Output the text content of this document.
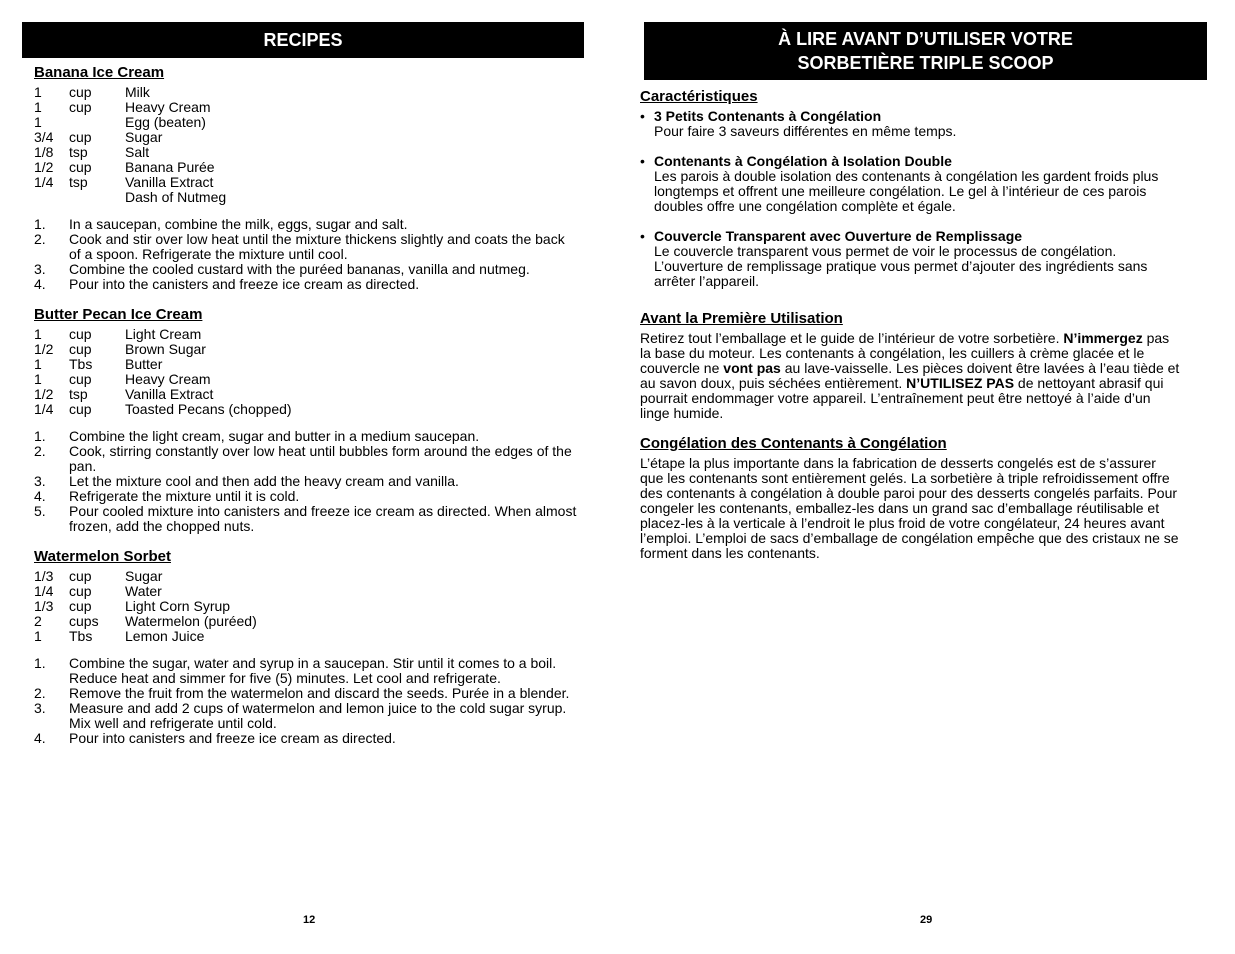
RECIPES
Banana Ice Cream
1	cup	Milk
1	cup	Heavy Cream
1	Egg (beaten)
3/4	cup	Sugar
1/8	tsp	Salt
1/2	cup	Banana Purée
1/4	tsp	Vanilla Extract
Dash of Nutmeg
1.	In a saucepan, combine the milk, eggs, sugar and salt.
2.	Cook and stir over low heat until the mixture thickens slightly and coats the back of a spoon. Refrigerate the mixture until cool.
3.	Combine the cooled custard with the puréed bananas, vanilla and nutmeg.
4.	Pour into the canisters and freeze ice cream as directed.
Butter Pecan Ice Cream
1	cup	Light Cream
1/2	cup	Brown Sugar
1	Tbs	Butter
1	cup	Heavy Cream
1/2	tsp	Vanilla Extract
1/4	cup	Toasted Pecans (chopped)
1.	Combine the light cream, sugar and butter in a medium saucepan.
2.	Cook, stirring constantly over low heat until bubbles form around the edges of the pan.
3.	Let the mixture cool and then add the heavy cream and vanilla.
4.	Refrigerate the mixture until it is cold.
5.	Pour cooled mixture into canisters and freeze ice cream as directed. When almost frozen, add the chopped nuts.
Watermelon Sorbet
1/3	cup	Sugar
1/4	cup	Water
1/3	cup	Light Corn Syrup
2	cups	Watermelon (puréed)
1	Tbs	Lemon Juice
1.	Combine the sugar, water and syrup in a saucepan. Stir until it comes to a boil. Reduce heat and simmer for five (5) minutes. Let cool and refrigerate.
2.	Remove the fruit from the watermelon and discard the seeds. Purée in a blender.
3.	Measure and add 2 cups of watermelon and lemon juice to the cold sugar syrup. Mix well and refrigerate until cold.
4.	Pour into canisters and freeze ice cream as directed.
12
À LIRE AVANT D’UTILISER VOTRE
SORBETIÈRE TRIPLE SCOOP
Caractéristiques
• 3 Petits Contenants à Congélation
Pour faire 3 saveurs différentes en même temps.
• Contenants à Congélation à Isolation Double
Les parois à double isolation des contenants à congélation les gardent froids plus longtemps et offrent une meilleure congélation. Le gel à l’intérieur de ces parois doubles offre une congélation complète et égale.
• Couvercle Transparent avec Ouverture de Remplissage
Le couvercle transparent vous permet de voir le processus de congélation. L’ouverture de remplissage pratique vous permet d’ajouter des ingrédients sans arrêter l’appareil.
Avant la Première Utilisation

Retirez tout l’emballage et le guide de l’intérieur de votre sorbetière. N’immergez pas la base du moteur. Les contenants à congélation, les cuillers à crème glacée et le couvercle ne vont pas au lave-vaisselle. Les pièces doivent être lavées à l’eau tiède et au savon doux, puis séchées entièrement. N’UTILISEZ PAS de nettoyant abrasif qui pourrait endommager votre appareil. L’entraînement peut être nettoyé à l’aide d’un linge humide.

Congélation des Contenants à Congélation

L’étape la plus importante dans la fabrication de desserts congelés est de s’assurer que les contenants sont entièrement gelés. La sorbetière à triple refroidissement offre des contenants à congélation à double paroi pour des desserts congelés parfaits. Pour congeler les contenants, emballez-les dans un grand sac d’emballage réutilisable et placez-les à la verticale à l’endroit le plus froid de votre congélateur, 24 heures avant l’emploi. L’emploi de sacs d’emballage de congélation empêche que des cristaux ne se forment dans les contenants.

29
